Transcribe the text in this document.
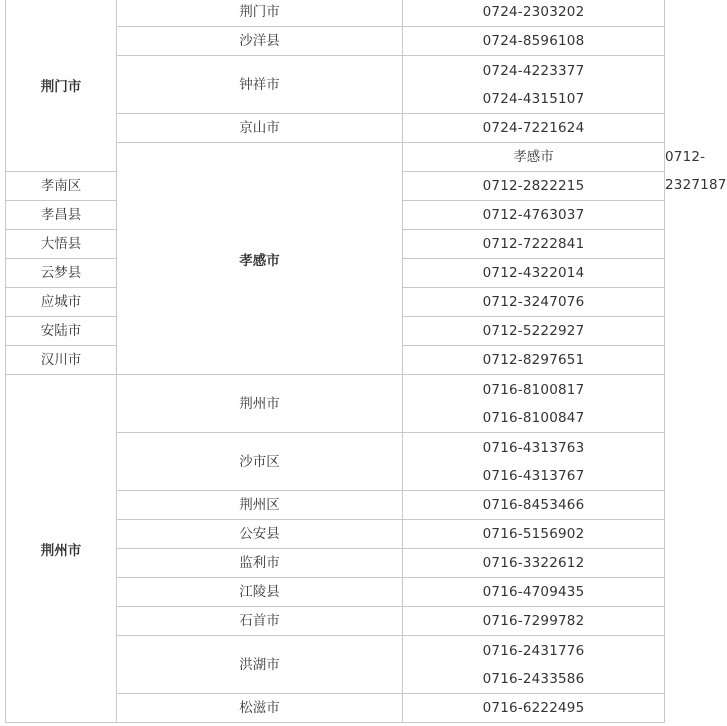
荆门市	荆门市	0724-2303202	

	沙洋县	0724-8596108	

	钟祥市	0724-4223377
0724-4315107	

	京山市	0724-7221624	

	孝感市	孝感市	0712-2327187

孝南区		0712-2822215	

孝昌县		0712-4763037	

大悟县		0712-7222841	

云梦县		0712-4322014	

应城市		0712-3247076	

安陆市		0712-5222927	

汉川市		0712-8297651	

荆州市	荆州市	0716-8100817
0716-8100847	

	沙市区	0716-4313763
0716-4313767	

	荆州区	0716-8453466	

	公安县	0716-5156902	

	监利市	0716-3322612	

	江陵县	0716-4709435	

	石首市	0716-7299782	

	洪湖市	0716-2431776
0716-2433586	

	松滋市	0716-6222495	
